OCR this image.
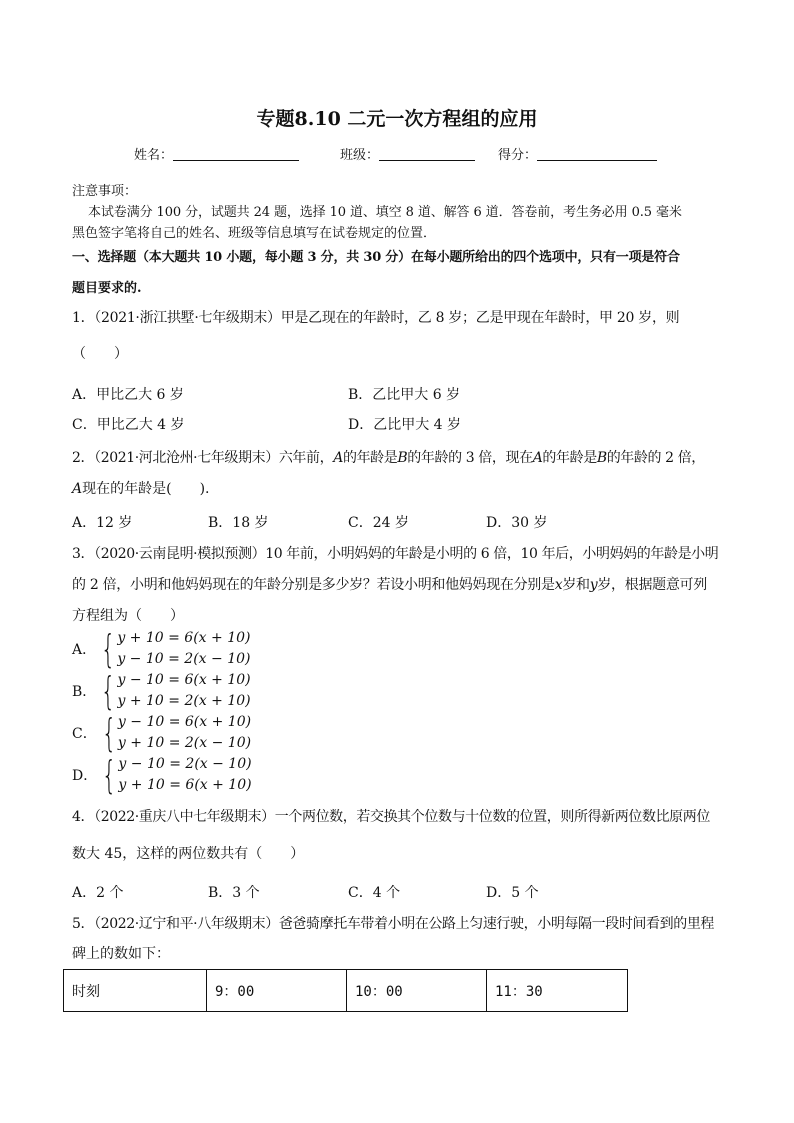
专题8.10 二元一次方程组的应用
姓名：	班级：	得分：
注意事项：
本试卷满分 100 分，试题共 24 题，选择 10 道、填空 8 道、解答 6 道．答卷前，考生务必用 0.5 毫米
黑色签字笔将自己的姓名、班级等信息填写在试卷规定的位置．
一、选择题（本大题共 10 小题，每小题 3 分，共 30 分）在每小题所给出的四个选项中，只有一项是符合
题目要求的.
1．（2021·浙江拱墅·七年级期末）甲是乙现在的年龄时，乙 8 岁；乙是甲现在年龄时，甲 20 岁，则
（　　）
A．甲比乙大 6 岁	B．乙比甲大 6 岁
C．甲比乙大 4 岁	D．乙比甲大 4 岁
2．（2021·河北沧州·七年级期末）六年前，A的年龄是B的年龄的 3 倍，现在A的年龄是B的年龄的 2 倍，
A现在的年龄是(　　).
A．12 岁	B．18 岁	C．24 岁	D．30 岁
3．（2020·云南昆明·模拟预测）10 年前，小明妈妈的年龄是小明的 6 倍，10 年后，小明妈妈的年龄是小明
的 2 倍，小明和他妈妈现在的年龄分别是多少岁？若设小明和他妈妈现在分别是x岁和y岁，根据题意可列
方程组为（　　）
A． { y + 10 = 6(x + 10)
y − 10 = 2(x − 10)
B． { y − 10 = 6(x + 10)
y + 10 = 2(x + 10)
C． { y − 10 = 6(x + 10)
y + 10 = 2(x − 10)
D． { y − 10 = 2(x − 10)
y + 10 = 6(x + 10)
4．（2022·重庆八中七年级期末）一个两位数，若交换其个位数与十位数的位置，则所得新两位数比原两位
数大 45，这样的两位数共有（　　）
A．2 个	B．3 个	C．4 个	D．5 个
5．（2022·辽宁和平·八年级期末）爸爸骑摩托车带着小明在公路上匀速行驶，小明每隔一段时间看到的里程
碑上的数如下：
时刻	9：00	10：00	11：30
